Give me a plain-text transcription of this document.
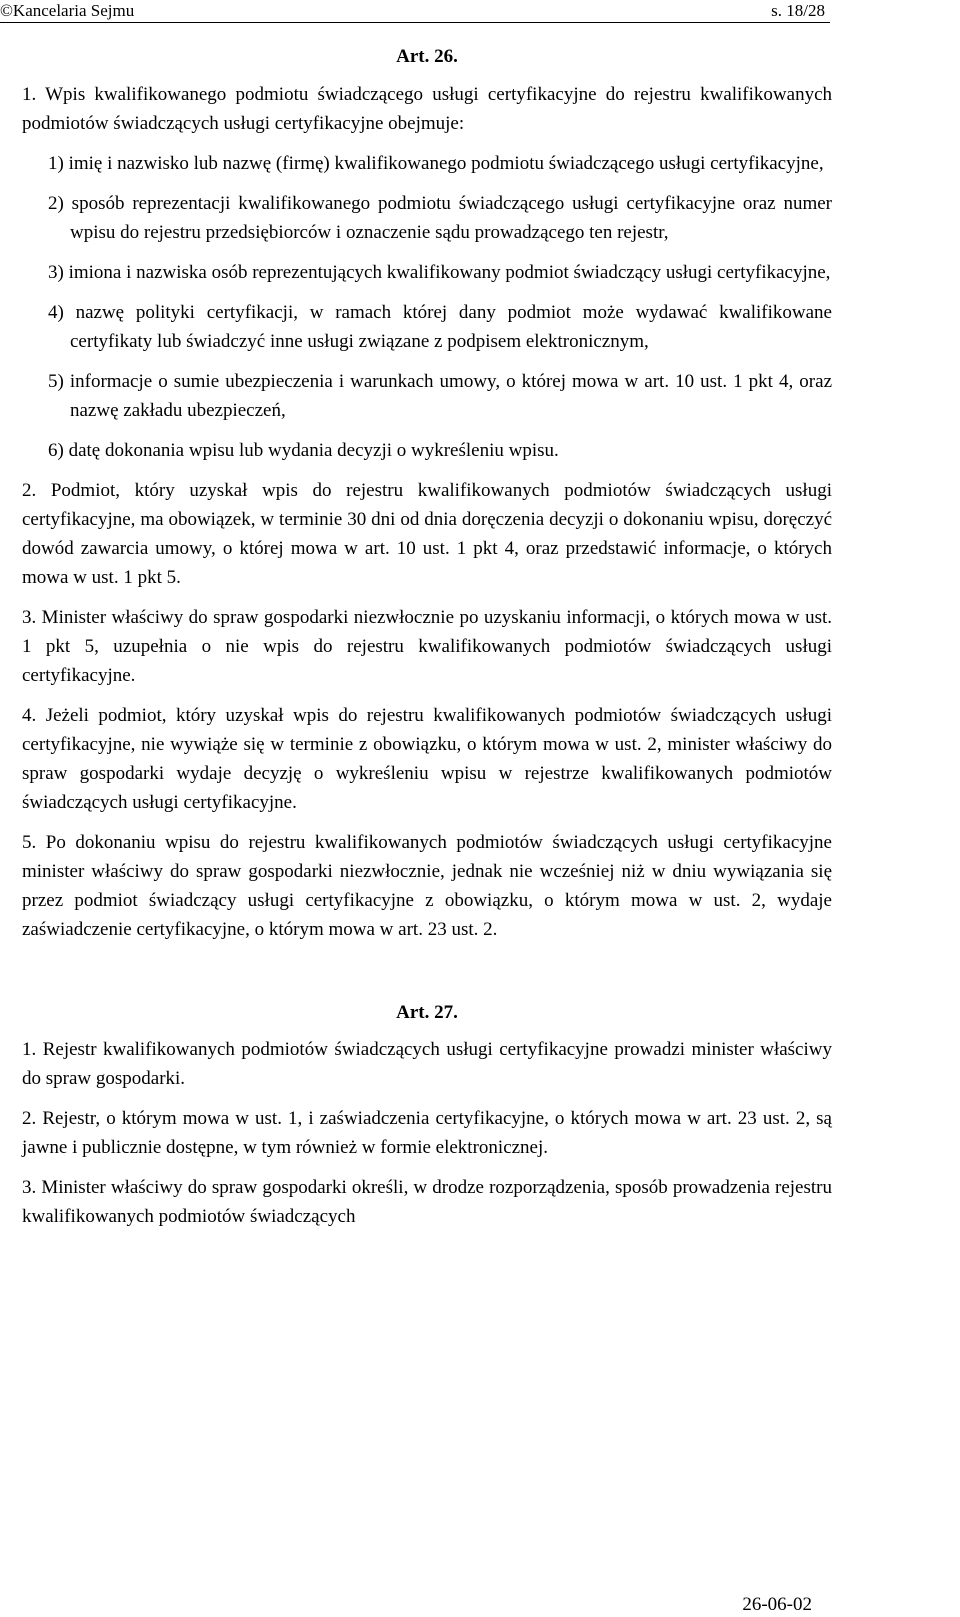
©Kancelaria Sejmu	s. 18/28

Art. 26.

1. Wpis kwalifikowanego podmiotu świadczącego usługi certyfikacyjne do rejestru kwalifikowanych podmiotów świadczących usługi certyfikacyjne obejmuje:

1) imię i nazwisko lub nazwę (firmę) kwalifikowanego podmiotu świadczącego usługi certyfikacyjne,

2) sposób reprezentacji kwalifikowanego podmiotu świadczącego usługi certyfikacyjne oraz numer wpisu do rejestru przedsiębiorców i oznaczenie sądu prowadzącego ten rejestr,

3) imiona i nazwiska osób reprezentujących kwalifikowany podmiot świadczący usługi certyfikacyjne,

4) nazwę polityki certyfikacji, w ramach której dany podmiot może wydawać kwalifikowane certyfikaty lub świadczyć inne usługi związane z podpisem elektronicznym,

5) informacje o sumie ubezpieczenia i warunkach umowy, o której mowa w art. 10 ust. 1 pkt 4, oraz nazwę zakładu ubezpieczeń,

6) datę dokonania wpisu lub wydania decyzji o wykreśleniu wpisu.

2. Podmiot, który uzyskał wpis do rejestru kwalifikowanych podmiotów świadczących usługi certyfikacyjne, ma obowiązek, w terminie 30 dni od dnia doręczenia decyzji o dokonaniu wpisu, doręczyć dowód zawarcia umowy, o której mowa w art. 10 ust. 1 pkt 4, oraz przedstawić informacje, o których mowa w ust. 1 pkt 5.

3. Minister właściwy do spraw gospodarki niezwłocznie po uzyskaniu informacji, o których mowa w ust. 1 pkt 5, uzupełnia o nie wpis do rejestru kwalifikowanych podmiotów świadczących usługi certyfikacyjne.

4. Jeżeli podmiot, który uzyskał wpis do rejestru kwalifikowanych podmiotów świadczących usługi certyfikacyjne, nie wywiąże się w terminie z obowiązku, o którym mowa w ust. 2, minister właściwy do spraw gospodarki wydaje decyzję o wykreśleniu wpisu w rejestrze kwalifikowanych podmiotów świadczących usługi certyfikacyjne.

5. Po dokonaniu wpisu do rejestru kwalifikowanych podmiotów świadczących usługi certyfikacyjne minister właściwy do spraw gospodarki niezwłocznie, jednak nie wcześniej niż w dniu wywiązania się przez podmiot świadczący usługi certyfikacyjne z obowiązku, o którym mowa w ust. 2, wydaje zaświadczenie certyfikacyjne, o którym mowa w art. 23 ust. 2.

Art. 27.

1. Rejestr kwalifikowanych podmiotów świadczących usługi certyfikacyjne prowadzi minister właściwy do spraw gospodarki.

2. Rejestr, o którym mowa w ust. 1, i zaświadczenia certyfikacyjne, o których mowa w art. 23 ust. 2, są jawne i publicznie dostępne, w tym również w formie elektronicznej.

3. Minister właściwy do spraw gospodarki określi, w drodze rozporządzenia, sposób prowadzenia rejestru kwalifikowanych podmiotów świadczących

26-06-02
